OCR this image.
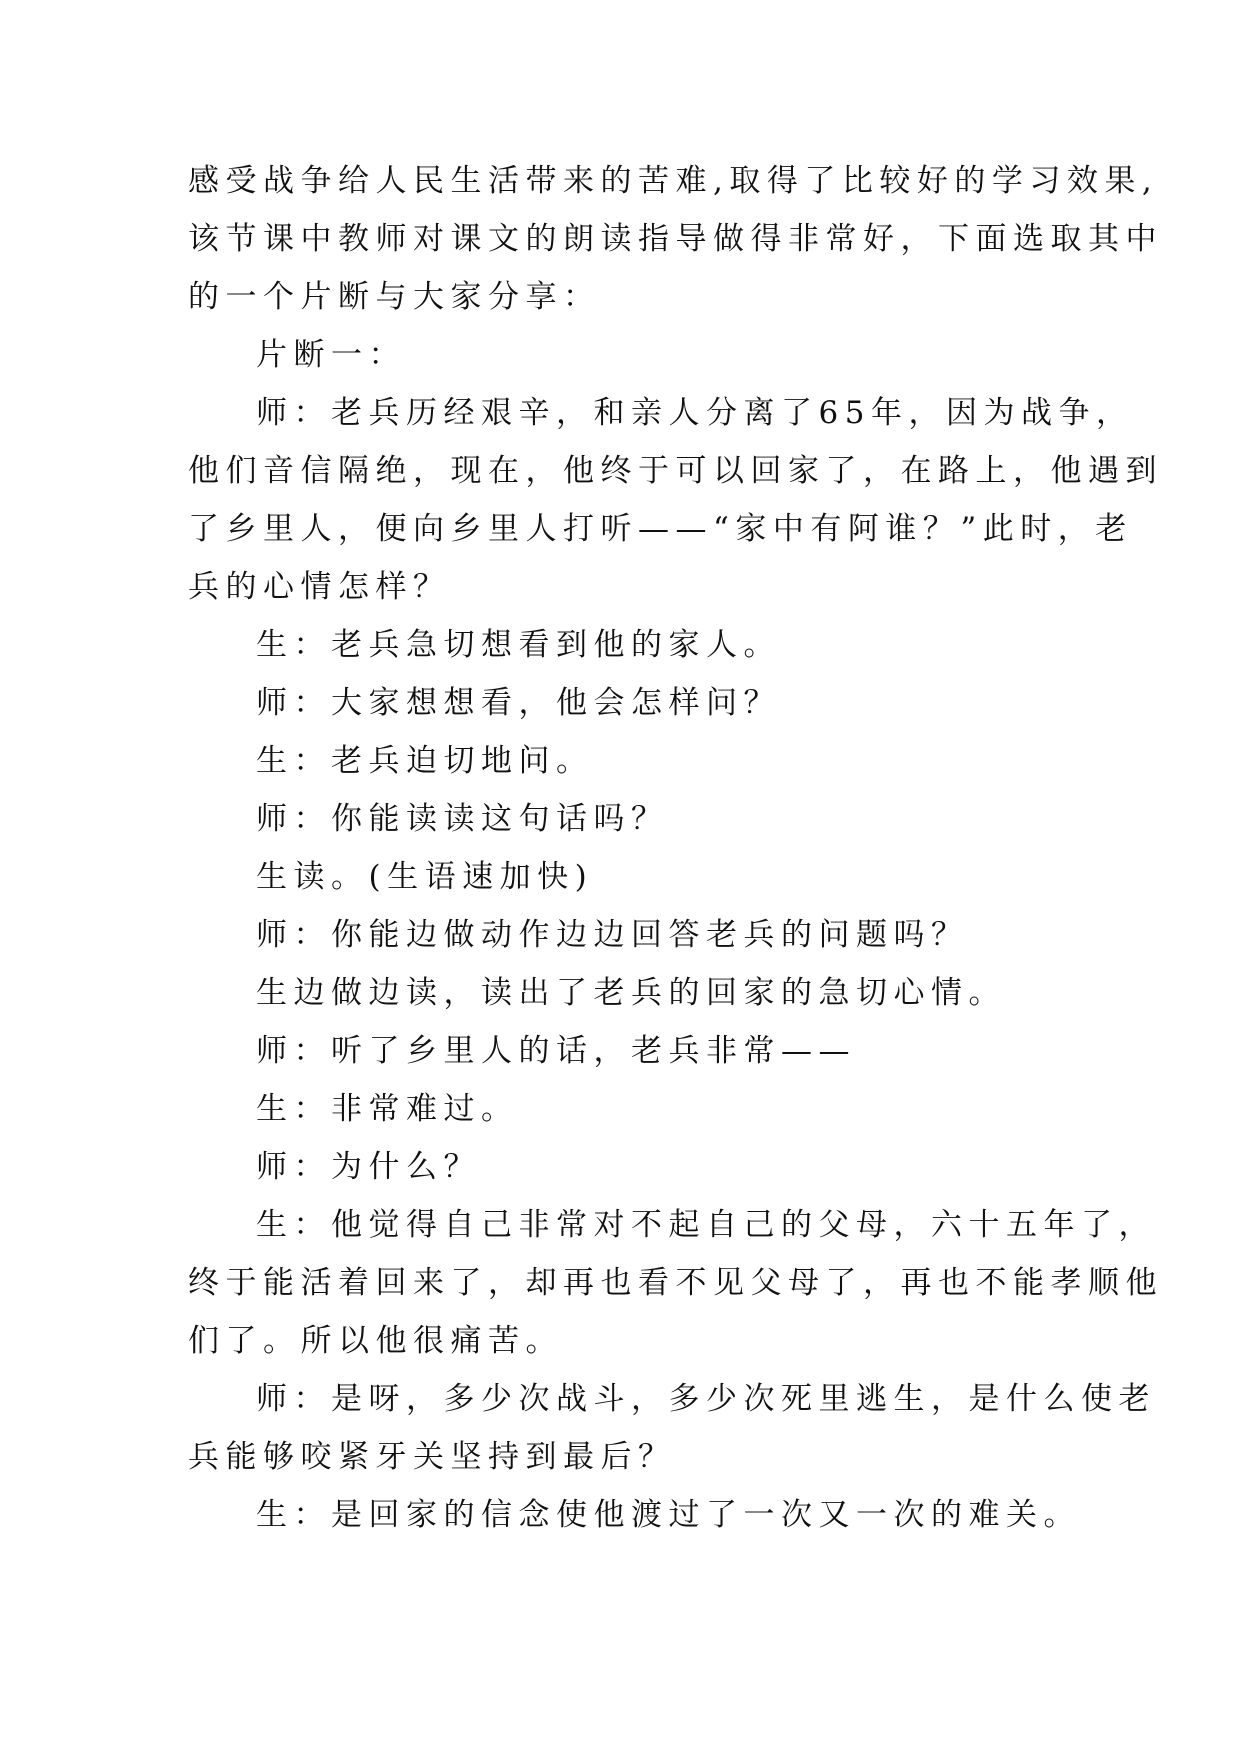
感受战争给人民生活带来的苦难,取得了比较好的学习效果,
该节课中教师对课文的朗读指导做得非常好，下面选取其中
的一个片断与大家分享：
片断一：
师：老兵历经艰辛，和亲人分离了65年，因为战争，
他们音信隔绝，现在，他终于可以回家了，在路上，他遇到
了乡里人，便向乡里人打听——“家中有阿谁？”此时，老
兵的心情怎样？
生：老兵急切想看到他的家人。
师：大家想想看，他会怎样问？
生：老兵迫切地问。
师：你能读读这句话吗？
生读。(生语速加快)
师：你能边做动作边边回答老兵的问题吗？
生边做边读，读出了老兵的回家的急切心情。
师：听了乡里人的话，老兵非常——
生：非常难过。
师：为什么？
生：他觉得自己非常对不起自己的父母，六十五年了，
终于能活着回来了，却再也看不见父母了，再也不能孝顺他
们了。所以他很痛苦。
师：是呀，多少次战斗，多少次死里逃生，是什么使老
兵能够咬紧牙关坚持到最后？
生：是回家的信念使他渡过了一次又一次的难关。
